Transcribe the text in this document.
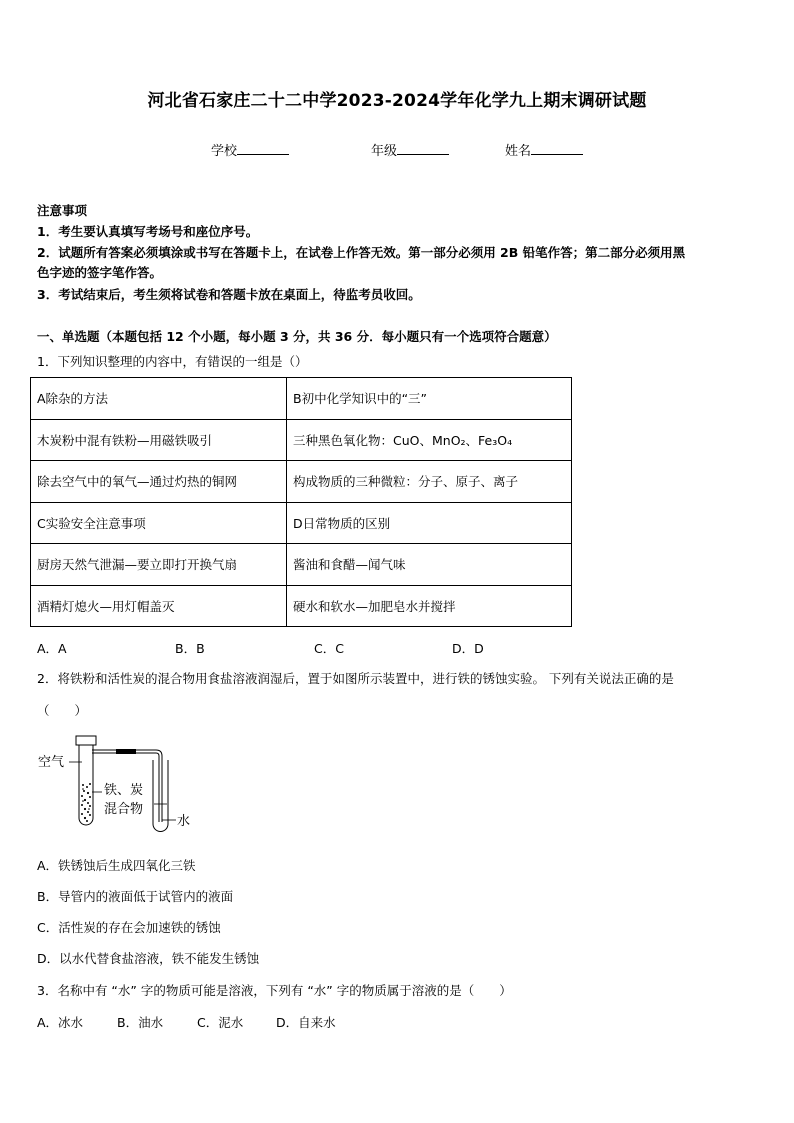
河北省石家庄二十二中学2023-2024学年化学九上期末调研试题
学校	年级	姓名
注意事项
1．考生要认真填写考场号和座位序号。
2．试题所有答案必须填涂或书写在答题卡上，在试卷上作答无效。第一部分必须用 2B 铅笔作答；第二部分必须用黑
色字迹的签字笔作答。
3．考试结束后，考生须将试卷和答题卡放在桌面上，待监考员收回。
一、单选题（本题包括 12 个小题，每小题 3 分，共 36 分．每小题只有一个选项符合题意）
1．下列知识整理的内容中，有错误的一组是（）
A除杂的方法	B初中化学知识中的“三”
木炭粉中混有铁粉—用磁铁吸引	三种黑色氧化物：CuO、MnO₂、Fe₃O₄
除去空气中的氧气—通过灼热的铜网	构成物质的三种微粒：分子、原子、离子
C实验安全注意事项	D日常物质的区别
厨房天然气泄漏—要立即打开换气扇	酱油和食醋—闻气味
酒精灯熄火—用灯帽盖灭	硬水和软水—加肥皂水并搅拌
A．A	B．B	C．C	D．D
2．将铁粉和活性炭的混合物用食盐溶液润湿后，置于如图所示装置中，进行铁的锈蚀实验。 下列有关说法正确的是
（　　）
空气
水
铁、炭
混合物
A．铁锈蚀后生成四氧化三铁
B．导管内的液面低于试管内的液面
C．活性炭的存在会加速铁的锈蚀
D．以水代替食盐溶液，铁不能发生锈蚀
3．名称中有 “水” 字的物质可能是溶液，下列有 “水” 字的物质属于溶液的是（　　）
A．冰水	B．油水	C．泥水	D．自来水
